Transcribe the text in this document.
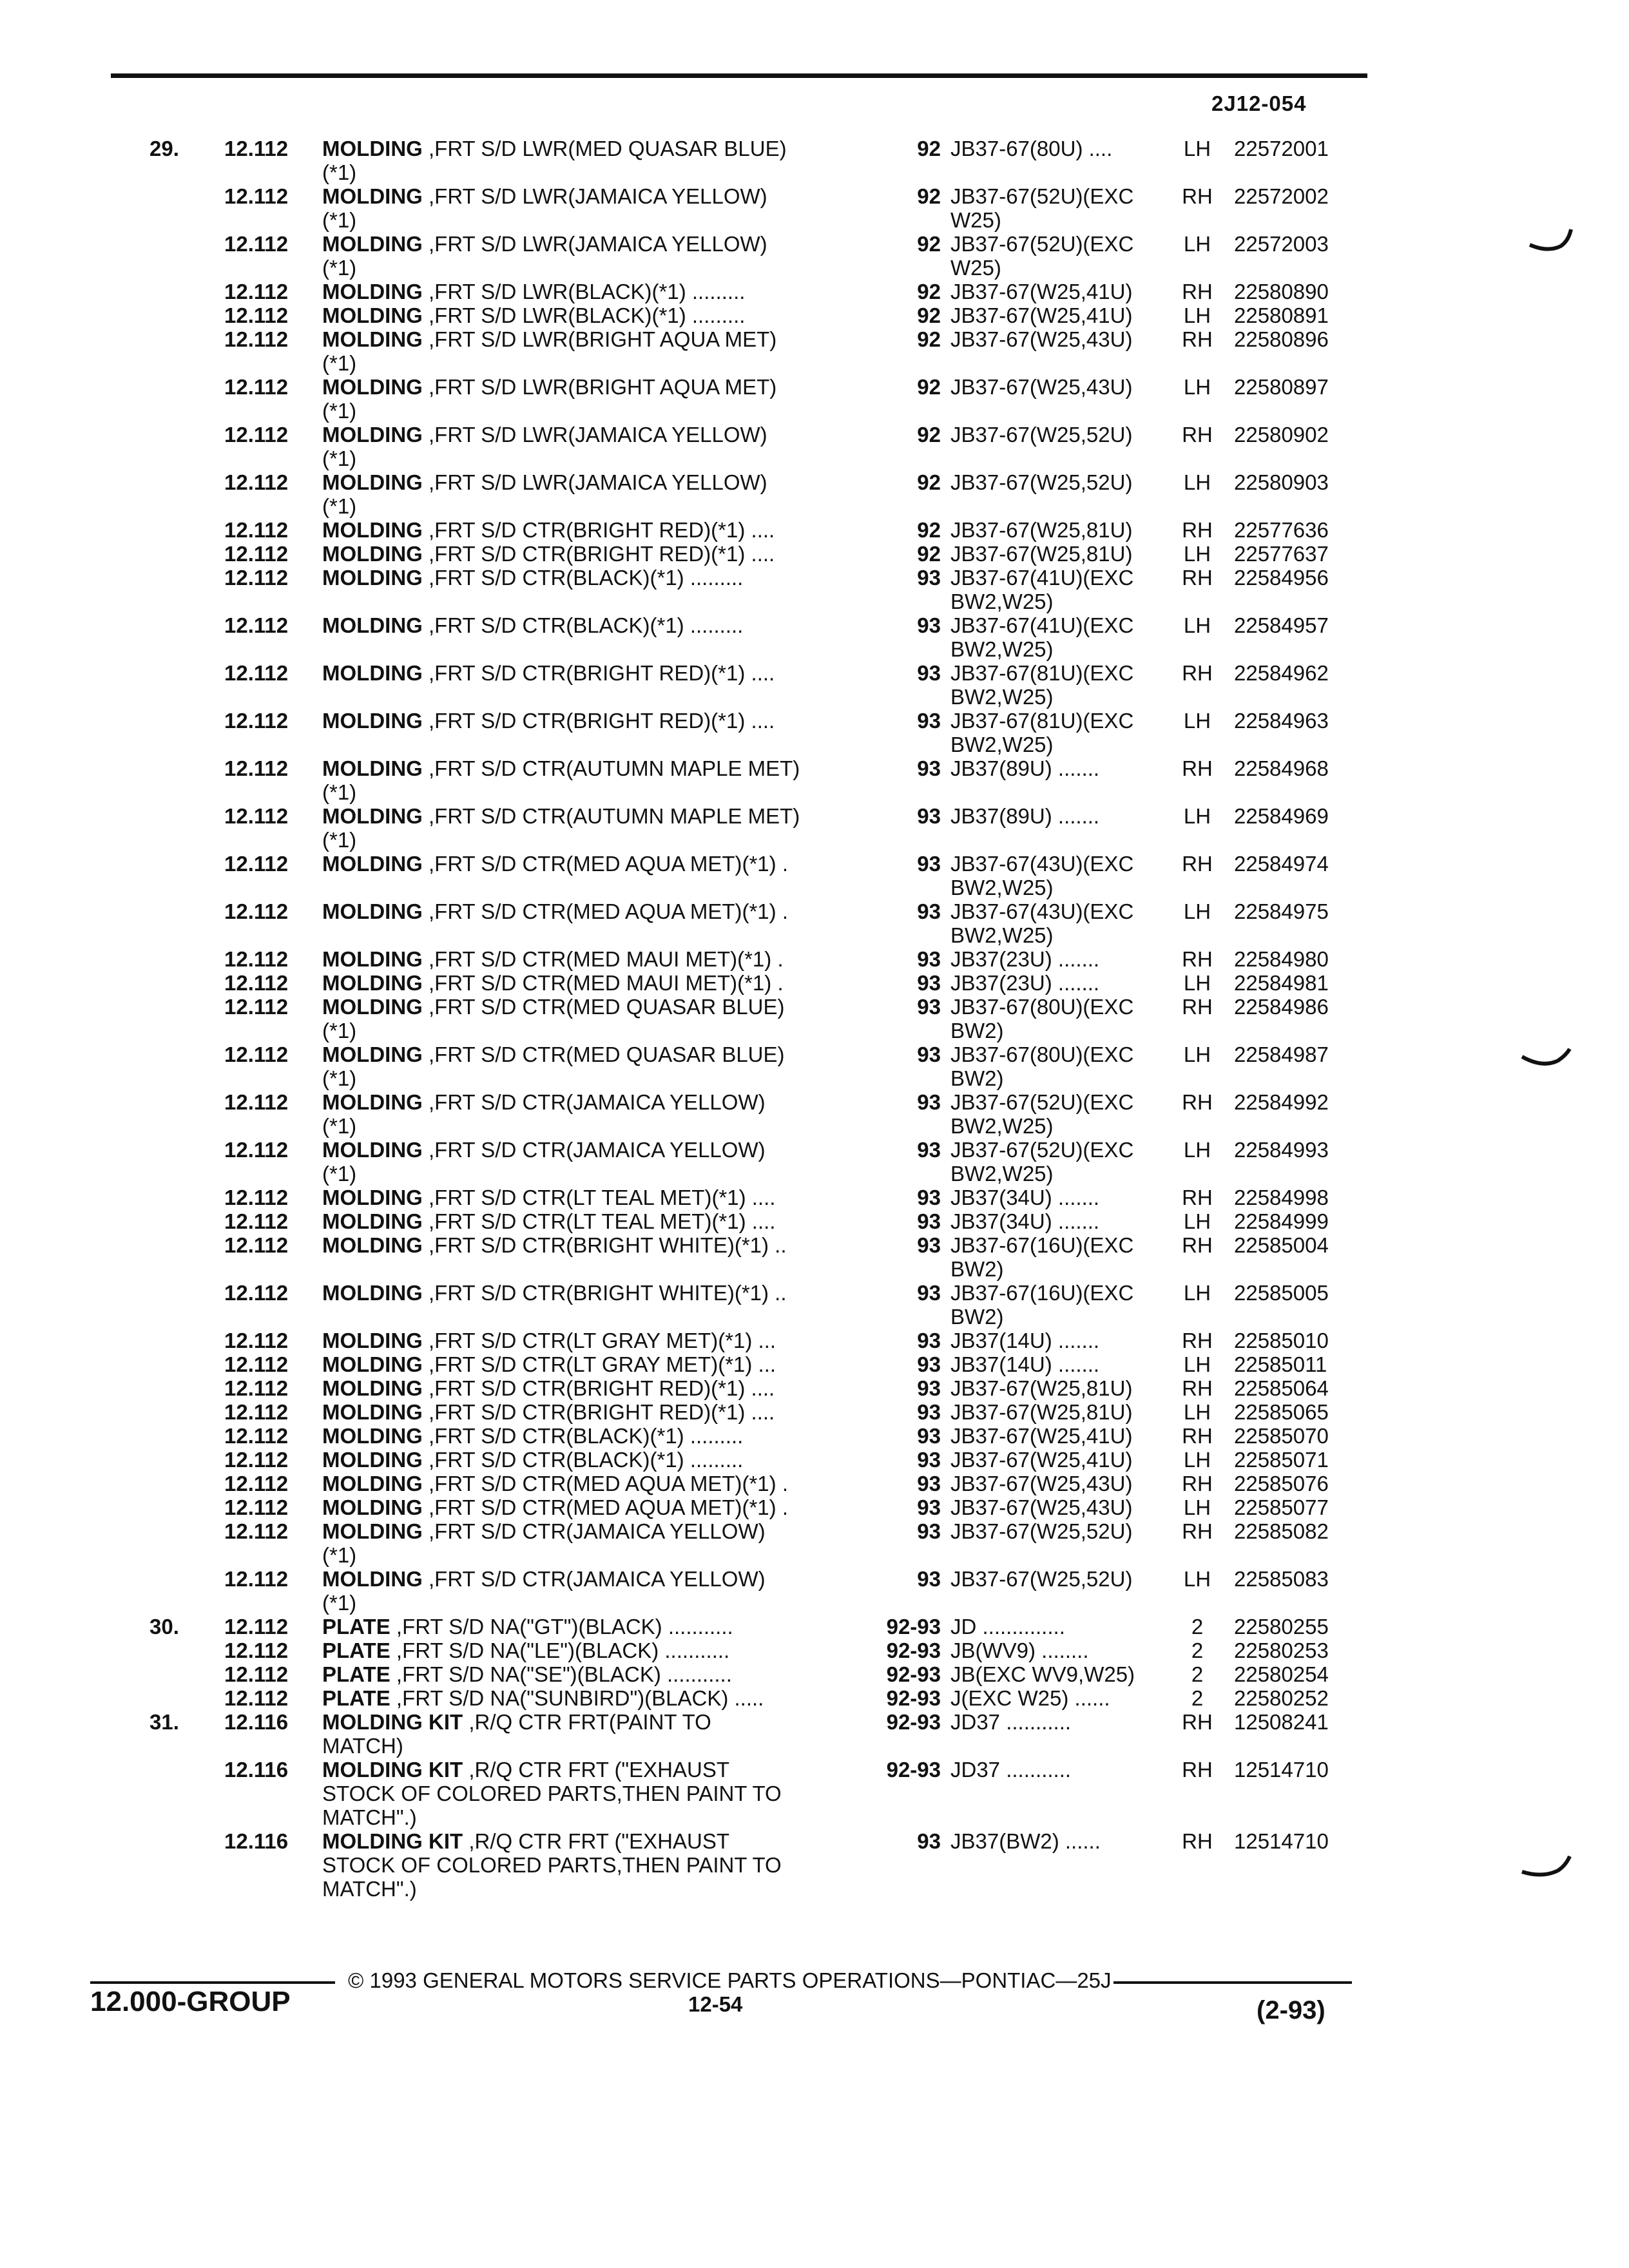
2J12-054
29.	12.112	MOLDING ,FRT S/D LWR(MED QUASAR BLUE)
(*1)
92 JB37-67(80U) ....	LH 22572001
12.112	MOLDING ,FRT S/D LWR(JAMAICA YELLOW)
(*1)
92 JB37-67(52U)(EXC
W25)
RH 22572002
12.112	MOLDING ,FRT S/D LWR(JAMAICA YELLOW)
(*1)
92 JB37-67(52U)(EXC
W25)
LH 22572003
12.112	MOLDING ,FRT S/D LWR(BLACK)(*1) .........	92 JB37-67(W25,41U)	RH 22580890
12.112	MOLDING ,FRT S/D LWR(BLACK)(*1) .........	92 JB37-67(W25,41U)	LH 22580891
12.112	MOLDING ,FRT S/D LWR(BRIGHT AQUA MET)
(*1)
92 JB37-67(W25,43U)	RH 22580896
12.112	MOLDING ,FRT S/D LWR(BRIGHT AQUA MET)
(*1)
92 JB37-67(W25,43U)	LH 22580897
12.112	MOLDING ,FRT S/D LWR(JAMAICA YELLOW)
(*1)
92 JB37-67(W25,52U)	RH 22580902
12.112	MOLDING ,FRT S/D LWR(JAMAICA YELLOW)
(*1)
92 JB37-67(W25,52U)	LH 22580903
12.112	MOLDING ,FRT S/D CTR(BRIGHT RED)(*1) ....	92 JB37-67(W25,81U)	RH 22577636
12.112	MOLDING ,FRT S/D CTR(BRIGHT RED)(*1) ....	92 JB37-67(W25,81U)	LH 22577637
12.112	MOLDING ,FRT S/D CTR(BLACK)(*1) .........	93 JB37-67(41U)(EXC
BW2,W25)
RH 22584956
12.112	MOLDING ,FRT S/D CTR(BLACK)(*1) .........	93 JB37-67(41U)(EXC
BW2,W25)
LH 22584957
12.112	MOLDING ,FRT S/D CTR(BRIGHT RED)(*1) ....	93 JB37-67(81U)(EXC
BW2,W25)
RH 22584962
12.112	MOLDING ,FRT S/D CTR(BRIGHT RED)(*1) ....	93 JB37-67(81U)(EXC
BW2,W25)
LH 22584963
12.112	MOLDING ,FRT S/D CTR(AUTUMN MAPLE MET)
(*1)
93 JB37(89U) .......	RH 22584968
12.112	MOLDING ,FRT S/D CTR(AUTUMN MAPLE MET)
(*1)
93 JB37(89U) .......	LH 22584969
12.112	MOLDING ,FRT S/D CTR(MED AQUA MET)(*1) .	93 JB37-67(43U)(EXC
BW2,W25)
RH 22584974
12.112	MOLDING ,FRT S/D CTR(MED AQUA MET)(*1) .	93 JB37-67(43U)(EXC
BW2,W25)
LH 22584975
12.112	MOLDING ,FRT S/D CTR(MED MAUI MET)(*1) .	93 JB37(23U) .......	RH 22584980
12.112	MOLDING ,FRT S/D CTR(MED MAUI MET)(*1) .	93 JB37(23U) .......	LH 22584981
12.112	MOLDING ,FRT S/D CTR(MED QUASAR BLUE)
(*1)
93 JB37-67(80U)(EXC
BW2)
RH 22584986
12.112	MOLDING ,FRT S/D CTR(MED QUASAR BLUE)
(*1)
93 JB37-67(80U)(EXC
BW2)
LH 22584987
12.112	MOLDING ,FRT S/D CTR(JAMAICA YELLOW)
(*1)
93 JB37-67(52U)(EXC
BW2,W25)
RH 22584992
12.112	MOLDING ,FRT S/D CTR(JAMAICA YELLOW)
(*1)
93 JB37-67(52U)(EXC
BW2,W25)
LH 22584993
12.112	MOLDING ,FRT S/D CTR(LT TEAL MET)(*1) ....	93 JB37(34U) .......	RH 22584998
12.112	MOLDING ,FRT S/D CTR(LT TEAL MET)(*1) ....	93 JB37(34U) .......	LH 22584999
12.112	MOLDING ,FRT S/D CTR(BRIGHT WHITE)(*1) ..	93 JB37-67(16U)(EXC
BW2)
RH 22585004
12.112	MOLDING ,FRT S/D CTR(BRIGHT WHITE)(*1) ..	93 JB37-67(16U)(EXC
BW2)
LH 22585005
12.112	MOLDING ,FRT S/D CTR(LT GRAY MET)(*1) ...	93 JB37(14U) .......	RH 22585010
12.112	MOLDING ,FRT S/D CTR(LT GRAY MET)(*1) ...	93 JB37(14U) .......	LH 22585011
12.112	MOLDING ,FRT S/D CTR(BRIGHT RED)(*1) ....	93 JB37-67(W25,81U)	RH 22585064
12.112	MOLDING ,FRT S/D CTR(BRIGHT RED)(*1) ....	93 JB37-67(W25,81U)	LH 22585065
12.112	MOLDING ,FRT S/D CTR(BLACK)(*1) .........	93 JB37-67(W25,41U)	RH 22585070
12.112	MOLDING ,FRT S/D CTR(BLACK)(*1) .........	93 JB37-67(W25,41U)	LH 22585071
12.112	MOLDING ,FRT S/D CTR(MED AQUA MET)(*1) .	93 JB37-67(W25,43U)	RH 22585076
12.112	MOLDING ,FRT S/D CTR(MED AQUA MET)(*1) .	93 JB37-67(W25,43U)	LH 22585077
12.112	MOLDING ,FRT S/D CTR(JAMAICA YELLOW)
(*1)
93 JB37-67(W25,52U)	RH 22585082
12.112	MOLDING ,FRT S/D CTR(JAMAICA YELLOW)
(*1)
93 JB37-67(W25,52U)	LH 22585083
30.	12.112	PLATE ,FRT S/D NA("GT")(BLACK) ...........	92-93 JD ..............	2	22580255
12.112	PLATE ,FRT S/D NA("LE")(BLACK) ...........	92-93 JB(WV9) ........	2	22580253
12.112	PLATE ,FRT S/D NA("SE")(BLACK) ...........	92-93 JB(EXC WV9,W25)	2	22580254
12.112	PLATE ,FRT S/D NA("SUNBIRD")(BLACK) .....	92-93 J(EXC W25) ......	2	22580252
31.	12.116	MOLDING KIT ,R/Q CTR FRT(PAINT TO
MATCH)
92-93 JD37 ...........	RH 12508241
12.116	MOLDING KIT ,R/Q CTR FRT ("EXHAUST
STOCK OF COLORED PARTS,THEN PAINT TO
MATCH".)
92-93 JD37 ...........	RH 12514710
12.116	MOLDING KIT ,R/Q CTR FRT ("EXHAUST
STOCK OF COLORED PARTS,THEN PAINT TO
MATCH".)
93 JB37(BW2) ......	RH 12514710
© 1993 GENERAL MOTORS SERVICE PARTS OPERATIONS—PONTIAC—25J
12.000-GROUP	12-54	(2-93)
